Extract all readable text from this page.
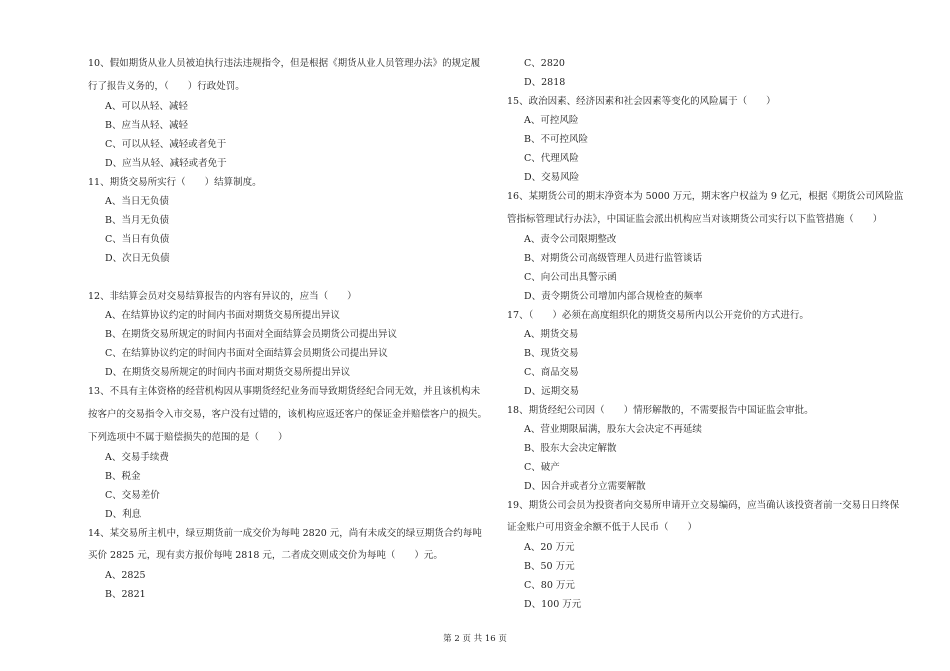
10、假如期货从业人员被迫执行违法违规指令，但是根据《期货从业人员管理办法》的规定履
行了报告义务的，（　　）行政处罚。
A、可以从轻、减轻
B、应当从轻、减轻
C、可以从轻、减轻或者免于
D、应当从轻、减轻或者免于
11、期货交易所实行（　　）结算制度。
A、当日无负债
B、当月无负债
C、当日有负债
D、次日无负债
12、非结算会员对交易结算报告的内容有异议的，应当（　　）
A、在结算协议约定的时间内书面对期货交易所提出异议
B、在期货交易所规定的时间内书面对全面结算会员期货公司提出异议
C、在结算协议约定的时间内书面对全面结算会员期货公司提出异议
D、在期货交易所规定的时间内书面对期货交易所提出异议
13、不具有主体资格的经营机构因从事期货经纪业务而导致期货经纪合同无效，并且该机构未
按客户的交易指令入市交易，客户没有过错的，该机构应返还客户的保证金并赔偿客户的损失。
下列选项中不属于赔偿损失的范围的是（　　）
A、交易手续费
B、税金
C、交易差价
D、利息
14、某交易所主机中，绿豆期货前一成交价为每吨 2820 元，尚有未成交的绿豆期货合约每吨
买价 2825 元，现有卖方报价每吨 2818 元，二者成交则成交价为每吨（　　）元。
A、2825
B、2821
C、2820
D、2818
15、政治因素、经济因素和社会因素等变化的风险属于（　　）
A、可控风险
B、不可控风险
C、代理风险
D、交易风险
16、某期货公司的期末净资本为 5000 万元，期末客户权益为 9 亿元，根据《期货公司风险监
管指标管理试行办法》，中国证监会派出机构应当对该期货公司实行以下监管措施（　　）
A、责令公司限期整改
B、对期货公司高级管理人员进行监管谈话
C、向公司出具警示函
D、责令期货公司增加内部合规检查的频率
17、（　　）必须在高度组织化的期货交易所内以公开竞价的方式进行。
A、期货交易
B、现货交易
C、商品交易
D、远期交易
18、期货经纪公司因（　　）情形解散的，不需要报告中国证监会审批。
A、营业期限届满，股东大会决定不再延续
B、股东大会决定解散
C、破产
D、因合并或者分立需要解散
19、期货公司会员为投资者向交易所申请开立交易编码，应当确认该投资者前一交易日日终保
证金账户可用资金余额不低于人民币（　　）
A、20 万元
B、50 万元
C、80 万元
D、100 万元
第 2 页 共 16 页
